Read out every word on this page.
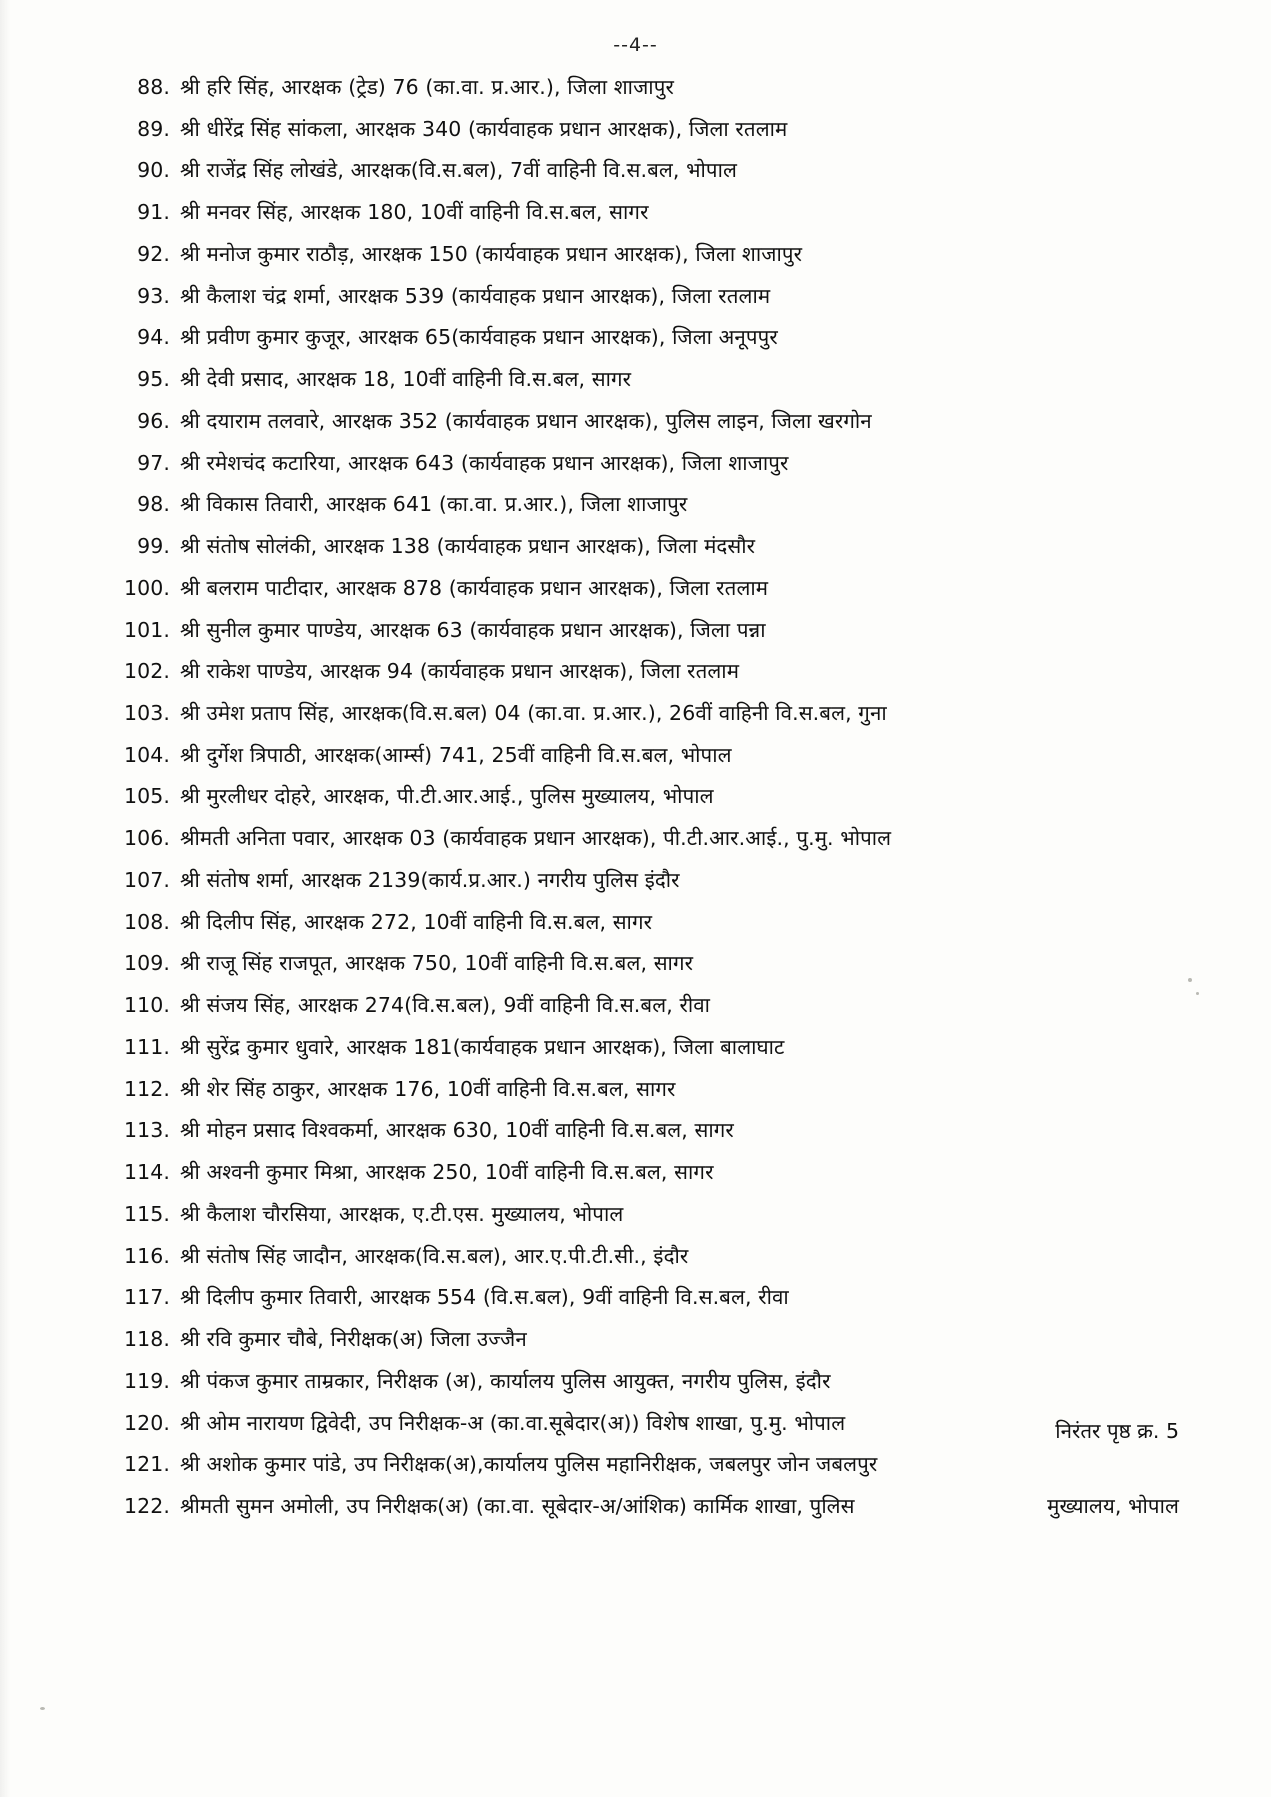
--4--
88. श्री हरि सिंह, आरक्षक (ट्रेड) 76 (का.वा. प्र.आर.), जिला शाजापुर
89. श्री धीरेंद्र सिंह सांकला, आरक्षक 340 (कार्यवाहक प्रधान आरक्षक), जिला रतलाम
90. श्री राजेंद्र सिंह लोखंडे, आरक्षक(वि.स.बल), 7वीं वाहिनी वि.स.बल, भोपाल
91. श्री मनवर सिंह, आरक्षक 180, 10वीं वाहिनी वि.स.बल, सागर
92. श्री मनोज कुमार राठौड़, आरक्षक 150 (कार्यवाहक प्रधान आरक्षक), जिला शाजापुर
93. श्री कैलाश चंद्र शर्मा, आरक्षक 539 (कार्यवाहक प्रधान आरक्षक), जिला रतलाम
94. श्री प्रवीण कुमार कुजूर, आरक्षक 65(कार्यवाहक प्रधान आरक्षक), जिला अनूपपुर
95. श्री देवी प्रसाद, आरक्षक 18, 10वीं वाहिनी वि.स.बल, सागर
96. श्री दयाराम तलवारे, आरक्षक 352 (कार्यवाहक प्रधान आरक्षक), पुलिस लाइन, जिला खरगोन
97. श्री रमेशचंद कटारिया, आरक्षक 643 (कार्यवाहक प्रधान आरक्षक), जिला शाजापुर
98. श्री विकास तिवारी, आरक्षक 641 (का.वा. प्र.आर.), जिला शाजापुर
99. श्री संतोष सोलंकी, आरक्षक 138 (कार्यवाहक प्रधान आरक्षक), जिला मंदसौर
100. श्री बलराम पाटीदार, आरक्षक 878 (कार्यवाहक प्रधान आरक्षक), जिला रतलाम
101. श्री सुनील कुमार पाण्डेय, आरक्षक 63 (कार्यवाहक प्रधान आरक्षक), जिला पन्ना
102. श्री राकेश पाण्डेय, आरक्षक 94 (कार्यवाहक प्रधान आरक्षक), जिला रतलाम
103. श्री उमेश प्रताप सिंह, आरक्षक(वि.स.बल) 04 (का.वा. प्र.आर.), 26वीं वाहिनी वि.स.बल, गुना
104. श्री दुर्गेश त्रिपाठी, आरक्षक(आर्म्स) 741, 25वीं वाहिनी वि.स.बल, भोपाल
105. श्री मुरलीधर दोहरे, आरक्षक, पी.टी.आर.आई., पुलिस मुख्यालय, भोपाल
106. श्रीमती अनिता पवार, आरक्षक 03 (कार्यवाहक प्रधान आरक्षक), पी.टी.आर.आई., पु.मु. भोपाल
107. श्री संतोष शर्मा, आरक्षक 2139(कार्य.प्र.आर.) नगरीय पुलिस इंदौर
108. श्री दिलीप सिंह, आरक्षक 272, 10वीं वाहिनी वि.स.बल, सागर
109. श्री राजू सिंह राजपूत, आरक्षक 750, 10वीं वाहिनी वि.स.बल, सागर
110. श्री संजय सिंह, आरक्षक 274(वि.स.बल), 9वीं वाहिनी वि.स.बल, रीवा
111. श्री सुरेंद्र कुमार धुवारे, आरक्षक 181(कार्यवाहक प्रधान आरक्षक), जिला बालाघाट
112. श्री शेर सिंह ठाकुर, आरक्षक 176, 10वीं वाहिनी वि.स.बल, सागर
113. श्री मोहन प्रसाद विश्वकर्मा, आरक्षक 630, 10वीं वाहिनी वि.स.बल, सागर
114. श्री अश्वनी कुमार मिश्रा, आरक्षक 250, 10वीं वाहिनी वि.स.बल, सागर
115. श्री कैलाश चौरसिया, आरक्षक, ए.टी.एस. मुख्यालय, भोपाल
116. श्री संतोष सिंह जादौन, आरक्षक(वि.स.बल), आर.ए.पी.टी.सी., इंदौर
117. श्री दिलीप कुमार तिवारी, आरक्षक 554 (वि.स.बल), 9वीं वाहिनी वि.स.बल, रीवा
118. श्री रवि कुमार चौबे, निरीक्षक(अ) जिला उज्जैन
119. श्री पंकज कुमार ताम्रकार, निरीक्षक (अ), कार्यालय पुलिस आयुक्त, नगरीय पुलिस, इंदौर
120. श्री ओम नारायण द्विवेदी, उप निरीक्षक-अ (का.वा.सूबेदार(अ)) विशेष शाखा, पु.मु. भोपाल
121. श्री अशोक कुमार पांडे, उप निरीक्षक(अ),कार्यालय पुलिस महानिरीक्षक, जबलपुर जोन जबलपुर
122. श्रीमती सुमन अमोली, उप निरीक्षक(अ) (का.वा. सूबेदार-अ/आंशिक) कार्मिक शाखा, पुलिस	मुख्यालय, भोपाल
निरंतर पृष्ठ क्र. 5
